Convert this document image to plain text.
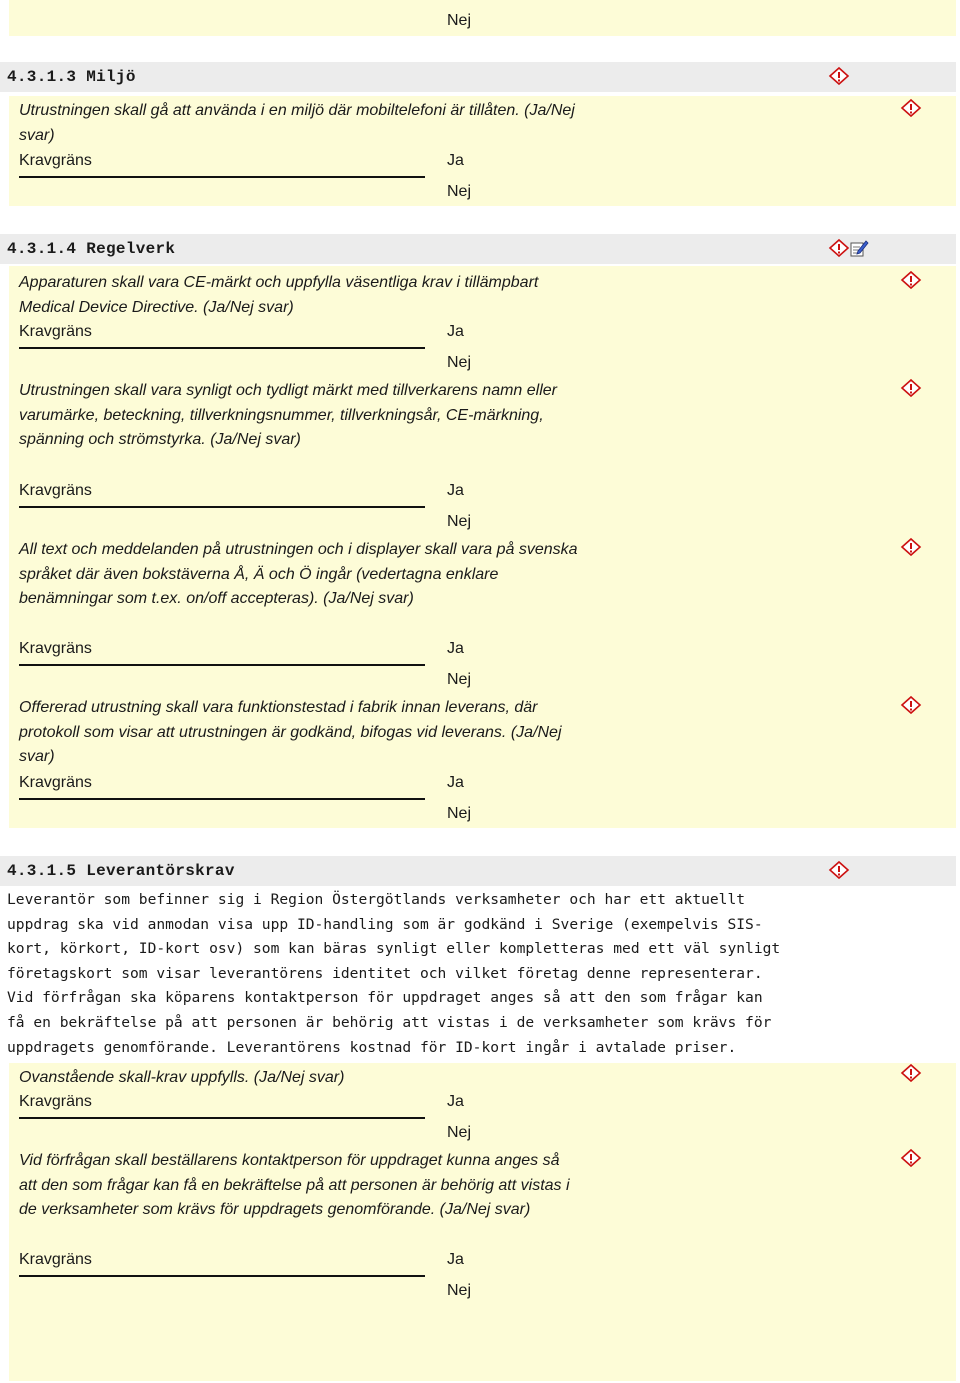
Nej
4.3.1.3 Miljö
Utrustningen skall gå att använda i en miljö där mobiltelefoni är tillåten. (Ja/Nej svar)
Kravgräns	Ja
Nej
4.3.1.4 Regelverk
Apparaturen skall vara CE-märkt och uppfylla väsentliga krav i tillämpbart Medical Device Directive. (Ja/Nej svar)
Kravgräns	Ja
Nej
Utrustningen skall vara synligt och tydligt märkt med tillverkarens namn eller varumärke, beteckning, tillverkningsnummer, tillverkningsår, CE-märkning, spänning och strömstyrka. (Ja/Nej svar)
Kravgräns	Ja
Nej
All text och meddelanden på utrustningen och i displayer skall vara på svenska språket där även bokstäverna Å, Ä och Ö ingår (vedertagna enklare benämningar som t.ex. on/off accepteras). (Ja/Nej svar)
Kravgräns	Ja
Nej
Offererad utrustning skall vara funktionstestad i fabrik innan leverans, där protokoll som visar att utrustningen är godkänd, bifogas vid leverans. (Ja/Nej svar)
Kravgräns	Ja
Nej
4.3.1.5 Leverantörskrav
Leverantör som befinner sig i Region Östergötlands verksamheter och har ett aktuellt uppdrag ska vid anmodan visa upp ID-handling som är godkänd i Sverige (exempelvis SIS-kort, körkort, ID-kort osv) som kan bäras synligt eller kompletteras med ett väl synligt företagskort som visar leverantörens identitet och vilket företag denne representerar. Vid förfrågan ska köparens kontaktperson för uppdraget anges så att den som frågar kan få en bekräftelse på att personen är behörig att vistas i de verksamheter som krävs för uppdragets genomförande. Leverantörens kostnad för ID-kort ingår i avtalade priser.
Ovanstående skall-krav uppfylls. (Ja/Nej svar)
Kravgräns	Ja
Nej
Vid förfrågan skall beställarens kontaktperson för uppdraget kunna anges så att den som frågar kan få en bekräftelse på att personen är behörig att vistas i de verksamheter som krävs för uppdragets genomförande. (Ja/Nej svar)
Kravgräns	Ja
Nej
